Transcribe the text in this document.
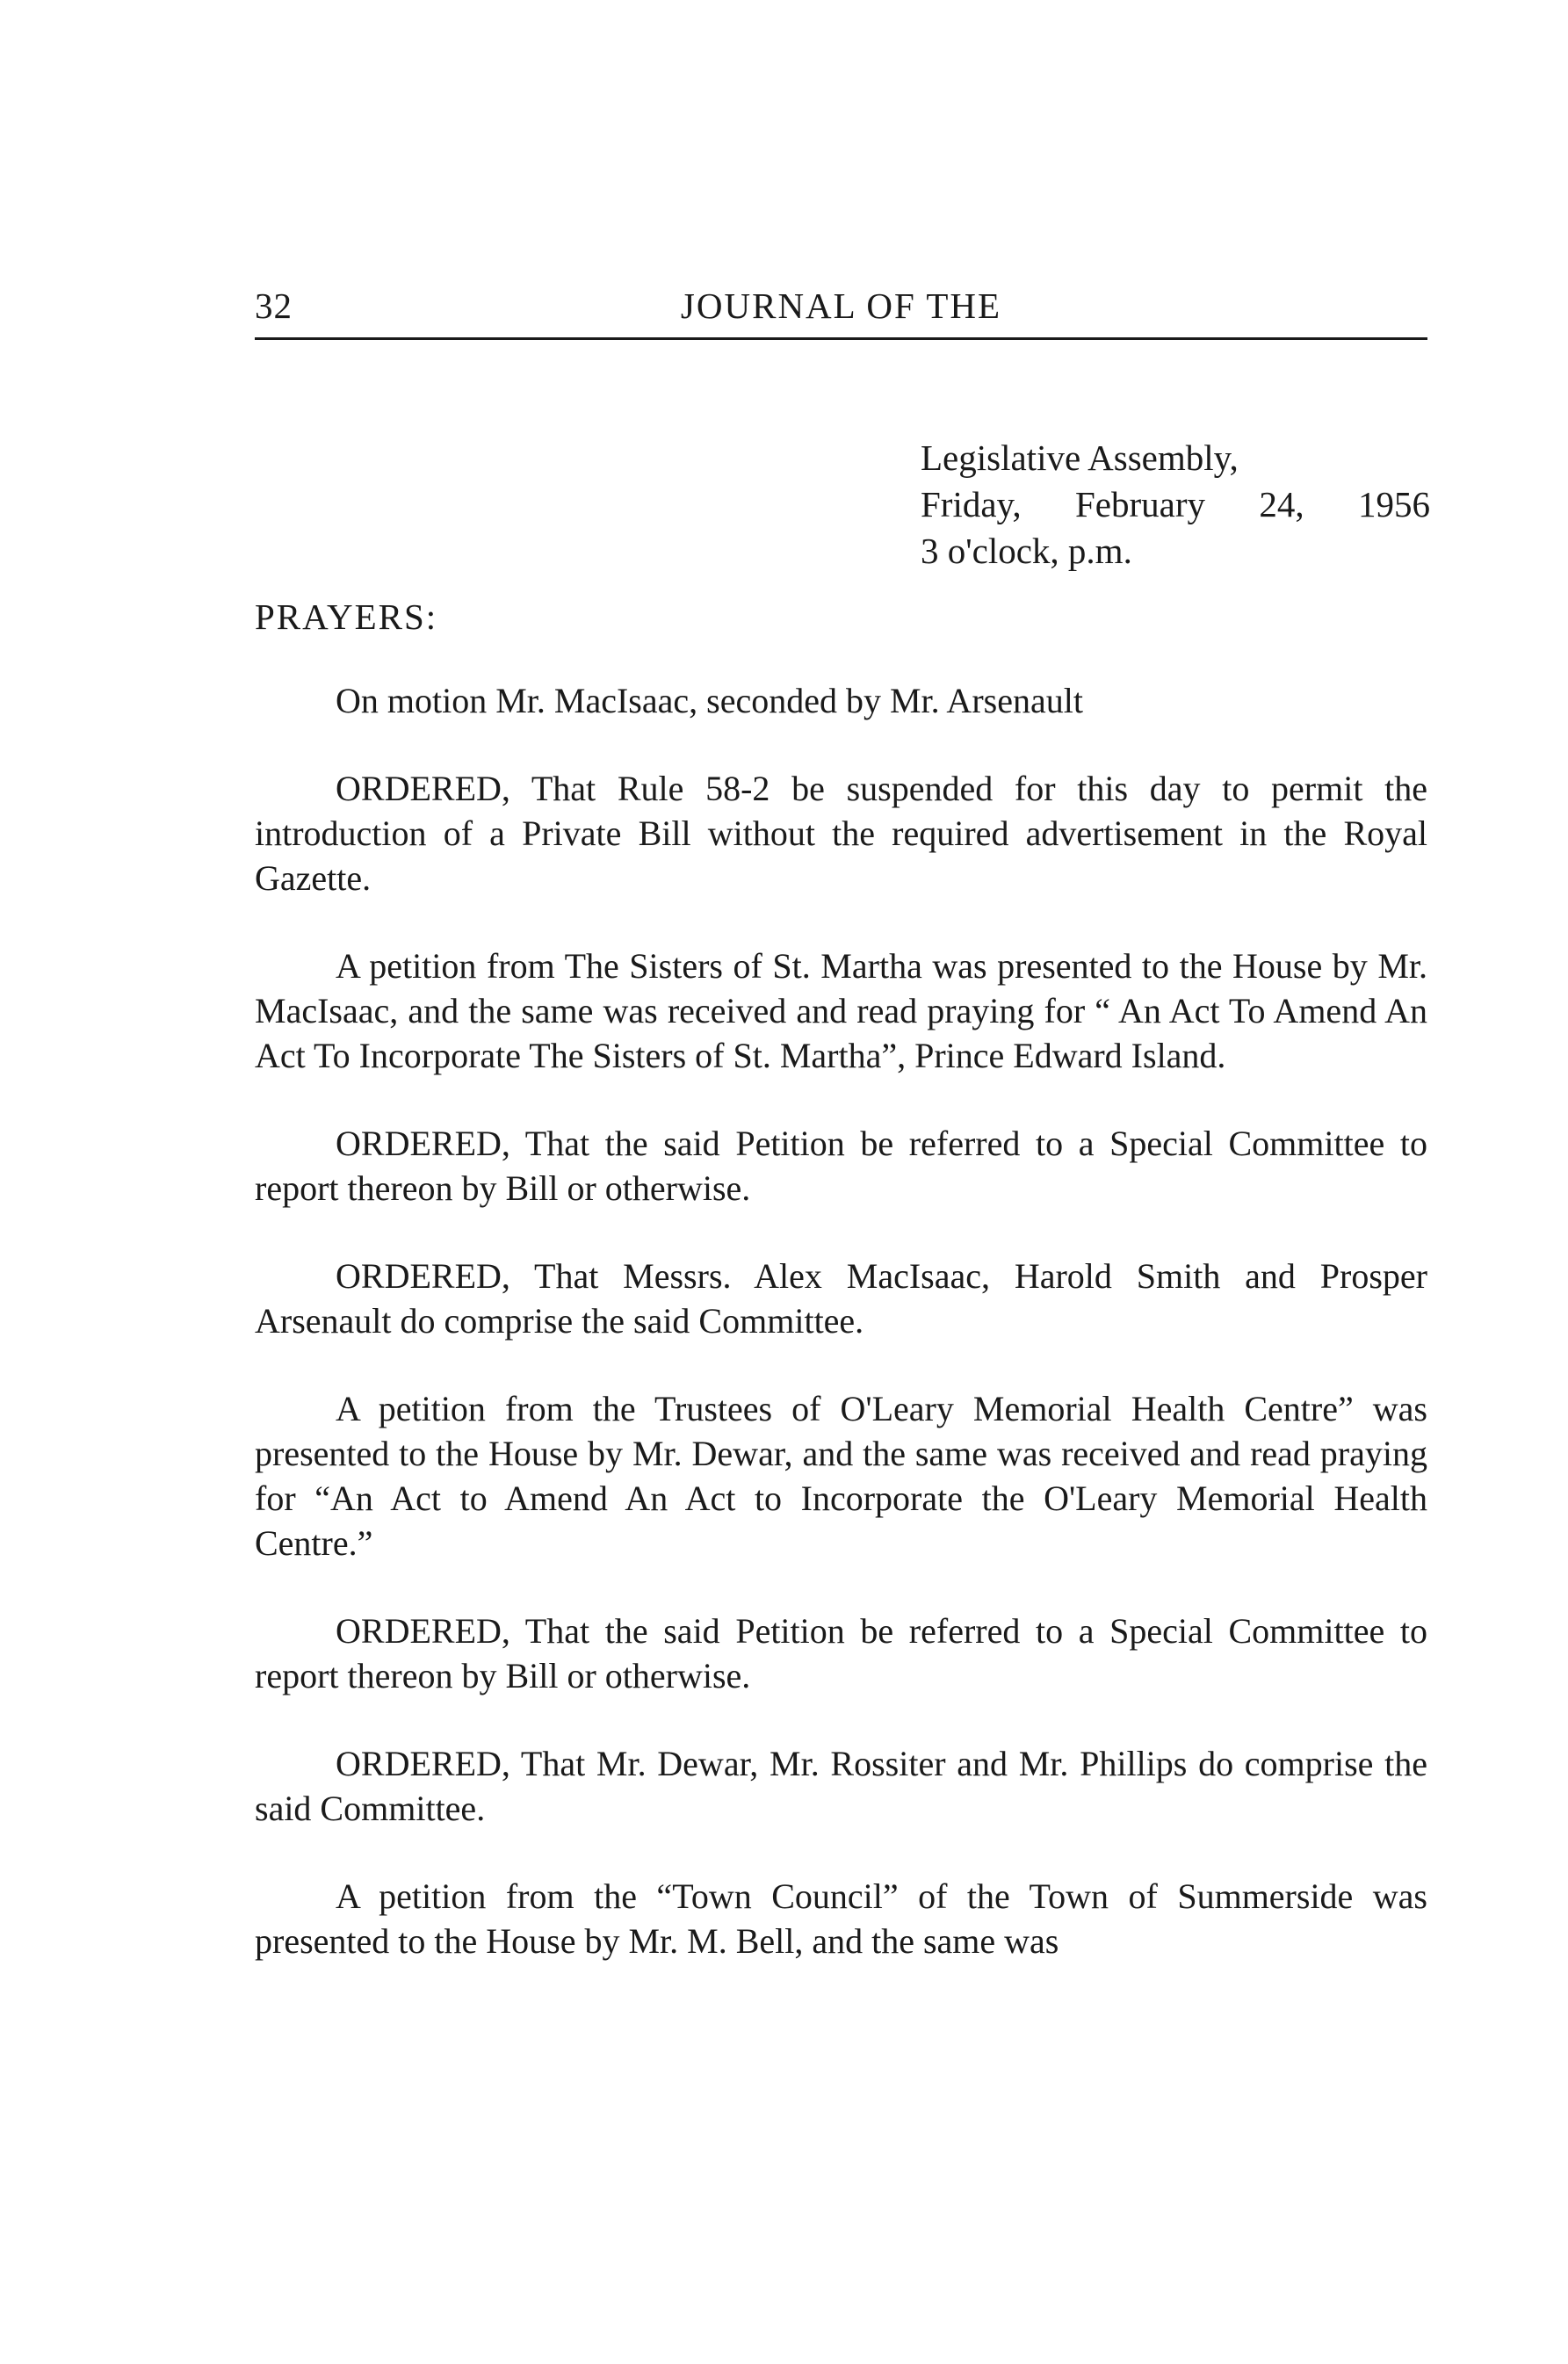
32	JOURNAL OF THE
Legislative Assembly,
Friday, February 24, 1956
3 o'clock, p.m.
PRAYERS:

On motion Mr. MacIsaac, seconded by Mr. Arsenault

ORDERED, That Rule 58-2 be suspended for this day to permit the introduction of a Private Bill without the required advertisement in the Royal Gazette.

A petition from The Sisters of St. Martha was presented to the House by Mr. MacIsaac, and the same was received and read praying for “ An Act To Amend An Act To Incorporate The Sisters of St. Martha”, Prince Edward Island.

ORDERED, That the said Petition be referred to a Special Committee to report thereon by Bill or otherwise.

ORDERED, That Messrs. Alex MacIsaac, Harold Smith and Prosper Arsenault do comprise the said Committee.

A petition from the Trustees of O'Leary Memorial Health Centre” was presented to the House by Mr. Dewar, and the same was received and read praying for “An Act to Amend An Act to Incorporate the O'Leary Memorial Health Centre.”

ORDERED, That the said Petition be referred to a Special Committee to report thereon by Bill or otherwise.

ORDERED, That Mr. Dewar, Mr. Rossiter and Mr. Phillips do comprise the said Committee.

A petition from the “Town Council” of the Town of Summerside was presented to the House by Mr. M. Bell, and the same was
